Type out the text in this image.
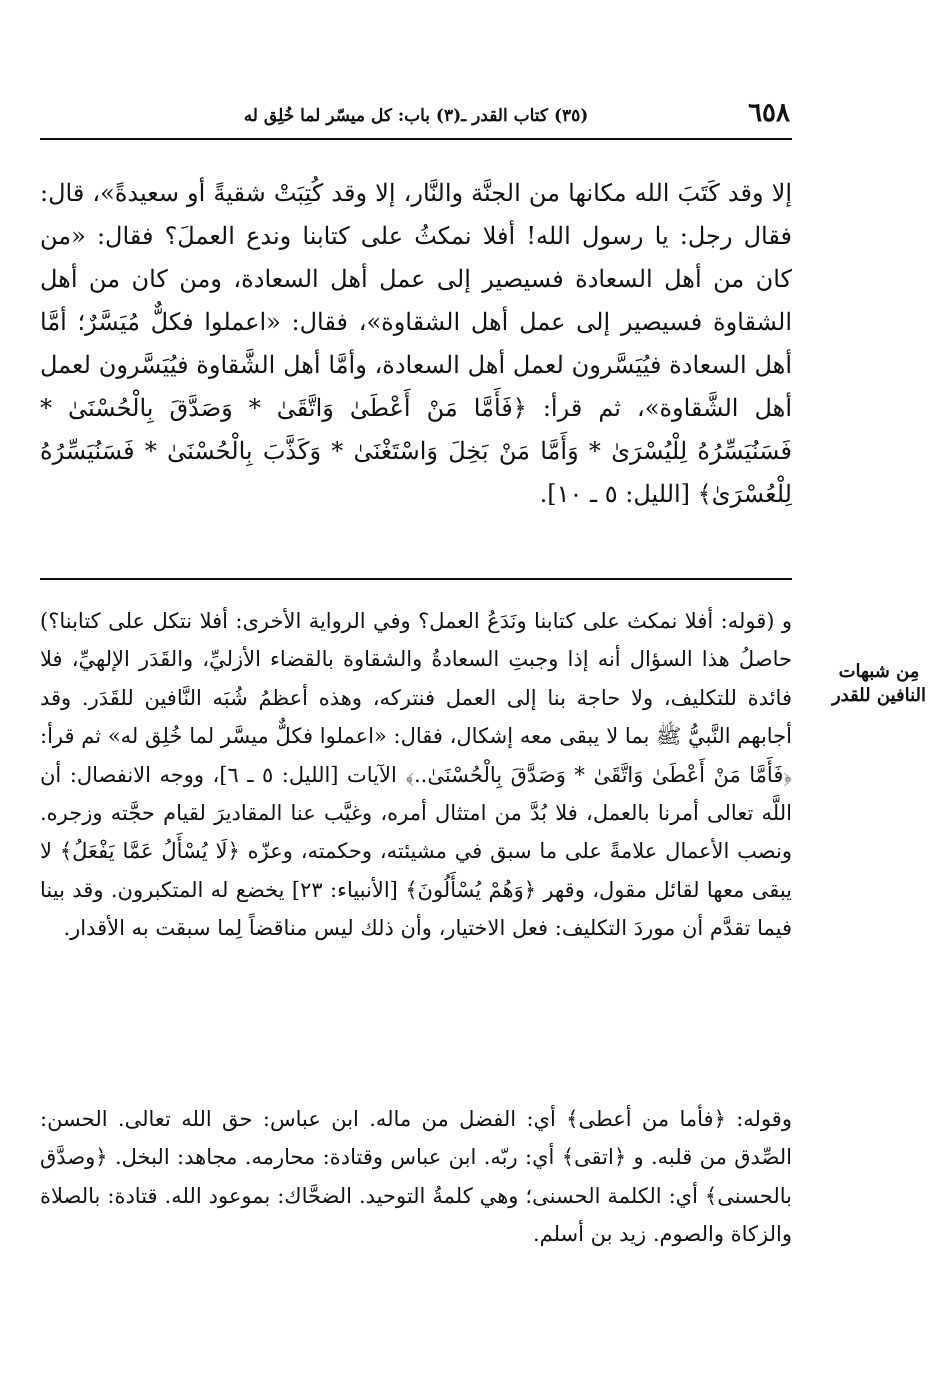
٦٥٨
(٣٥) كتاب القدر ـ(٣) باب: كل ميسّر لما خُلِق له
إلا وقد كَتَبَ الله مكانها من الجنَّة والنَّار، إلا وقد كُتِبَتْ شقيةً أو سعيدةً»، قال: فقال رجل: يا رسول الله! أفلا نمكثُ على كتابنا وندع العملَ؟ فقال: «من كان من أهل السعادة فسيصير إلى عمل أهل السعادة، ومن كان من أهل الشقاوة فسيصير إلى عمل أهل الشقاوة»، فقال: «اعملوا فكلٌّ مُيَسَّرٌ؛ أمَّا أهل السعادة فيُيَسَّرون لعمل أهل السعادة، وأمَّا أهل الشَّقاوة فيُيَسَّرون لعمل أهل الشَّقاوة»، ثم قرأ: ﴿فَأَمَّا مَنْ أَعْطَىٰ وَاتَّقَىٰ * وَصَدَّقَ بِالْحُسْنَىٰ * فَسَنُيَسِّرُهُ لِلْيُسْرَىٰ * وَأَمَّا مَنْ بَخِلَ وَاسْتَغْنَىٰ * وَكَذَّبَ بِالْحُسْنَىٰ * فَسَنُيَسِّرُهُ لِلْعُسْرَىٰ﴾ [الليل: ٥ ـ ١٠].
مِن شبهات النافين للقدر

و (قوله: أفلا نمكث على كتابنا ونَدَعُ العمل؟ وفي الرواية الأخرى: أفلا نتكل على كتابنا؟) حاصلُ هذا السؤال أنه إذا وجبتِ السعادةُ والشقاوة بالقضاء الأزليِّ، والقَدَر الإلهيِّ، فلا فائدة للتكليف، ولا حاجة بنا إلى العمل فنتركه، وهذه أعظمُ شُبَه النَّافين للقَدَر. وقد أجابهم النَّبيُّ ﷺ بما لا يبقى معه إشكال، فقال: «اعملوا فكلٌّ ميسَّر لما خُلِق له» ثم قرأ: ﴿فَأَمَّا مَنْ أَعْطَىٰ وَاتَّقَىٰ * وَصَدَّقَ بِالْحُسْنَىٰ..﴾ الآيات [الليل: ٥ ـ ٦]، ووجه الانفصال: أن اللَّه تعالى أمرنا بالعمل، فلا بُدَّ من امتثال أمره، وغيَّب عنا المقاديرَ لقيام حجَّته وزجره. ونصب الأعمال علامةً على ما سبق في مشيئته، وحكمته، وعزّه ﴿لَا يُسْأَلُ عَمَّا يَفْعَلُ﴾ لا يبقى معها لقائل مقول، وقهر ﴿وَهُمْ يُسْأَلُونَ﴾ [الأنبياء: ٢٣] يخضع له المتكبرون. وقد بينا فيما تقدَّم أن موردَ التكليف: فعل الاختيار، وأن ذلك ليس مناقضاً لِما سبقت به الأقدار.

وقوله: ﴿فأما من أعطى﴾ أي: الفضل من ماله. ابن عباس: حق الله تعالى. الحسن: الصِّدق من قلبه. و ﴿اتقى﴾ أي: ربّه. ابن عباس وقتادة: محارمه. مجاهد: البخل. ﴿وصدَّق بالحسنى﴾ أي: الكلمة الحسنى؛ وهي كلمةُ التوحيد. الضحَّاك: بموعود الله. قتادة: بالصلاة والزكاة والصوم. زيد بن أسلم.
